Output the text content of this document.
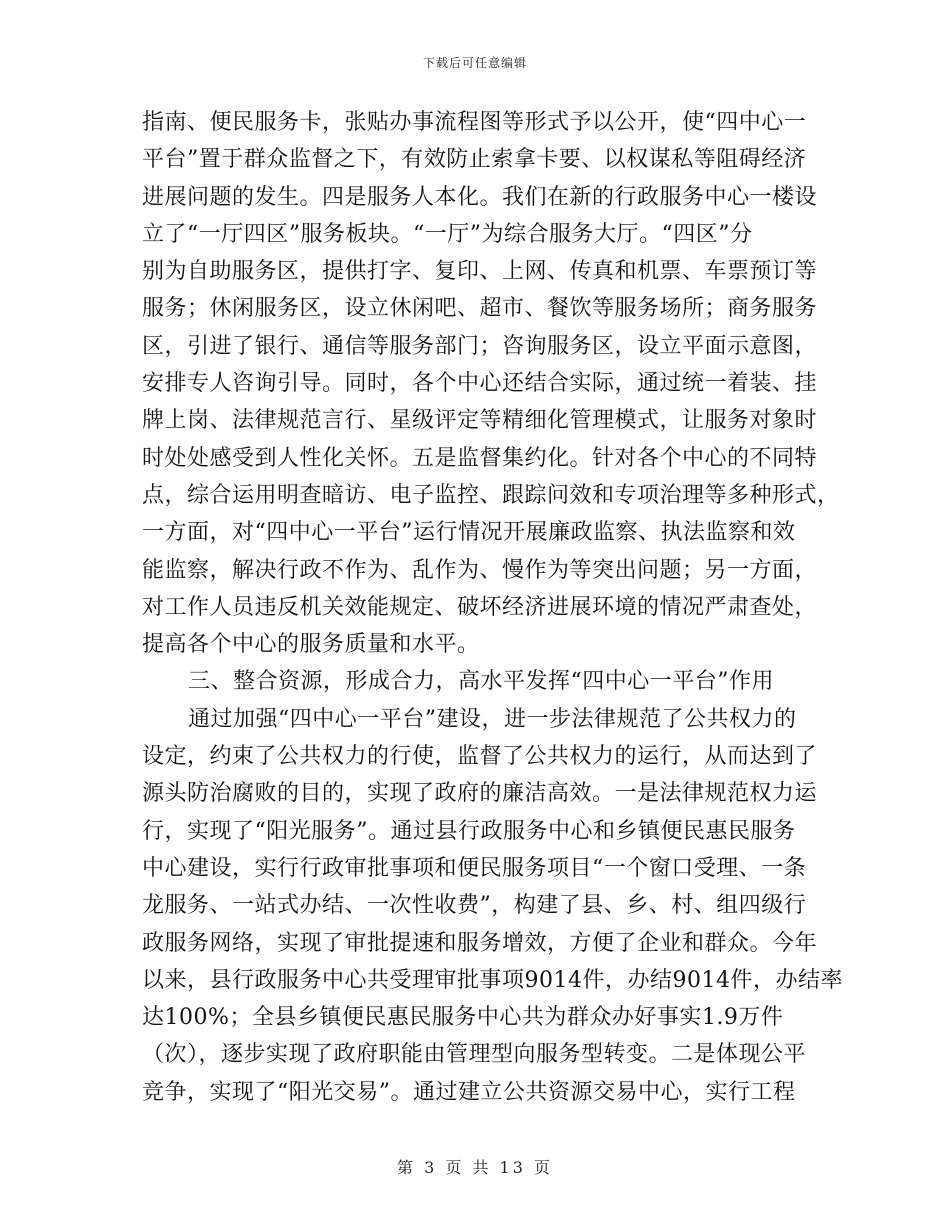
下载后可任意编辑
指南、便民服务卡，张贴办事流程图等形式予以公开，使“四中心一
平台”置于群众监督之下，有效防止索拿卡要、以权谋私等阻碍经济
进展问题的发生。四是服务人本化。我们在新的行政服务中心一楼设
立了“一厅四区”服务板块。“一厅”为综合服务大厅。“四区”分
别为自助服务区，提供打字、复印、上网、传真和机票、车票预订等
服务；休闲服务区，设立休闲吧、超市、餐饮等服务场所；商务服务
区，引进了银行、通信等服务部门；咨询服务区，设立平面示意图，
安排专人咨询引导。同时，各个中心还结合实际，通过统一着装、挂
牌上岗、法律规范言行、星级评定等精细化管理模式，让服务对象时
时处处感受到人性化关怀。五是监督集约化。针对各个中心的不同特
点，综合运用明查暗访、电子监控、跟踪问效和专项治理等多种形式，
一方面，对“四中心一平台”运行情况开展廉政监察、执法监察和效
能监察，解决行政不作为、乱作为、慢作为等突出问题；另一方面，
对工作人员违反机关效能规定、破坏经济进展环境的情况严肃查处，
提高各个中心的服务质量和水平。
三、整合资源，形成合力，高水平发挥“四中心一平台”作用
通过加强“四中心一平台”建设，进一步法律规范了公共权力的
设定，约束了公共权力的行使，监督了公共权力的运行，从而达到了
源头防治腐败的目的，实现了政府的廉洁高效。一是法律规范权力运
行，实现了“阳光服务”。通过县行政服务中心和乡镇便民惠民服务
中心建设，实行行政审批事项和便民服务项目“一个窗口受理、一条
龙服务、一站式办结、一次性收费”，构建了县、乡、村、组四级行
政服务网络，实现了审批提速和服务增效，方便了企业和群众。今年
以来，县行政服务中心共受理审批事项9014件，办结9014件，办结率
达100%；全县乡镇便民惠民服务中心共为群众办好事实1.9万件
（次），逐步实现了政府职能由管理型向服务型转变。二是体现公平
竞争，实现了“阳光交易”。通过建立公共资源交易中心，实行工程
第 3 页 共 13 页
